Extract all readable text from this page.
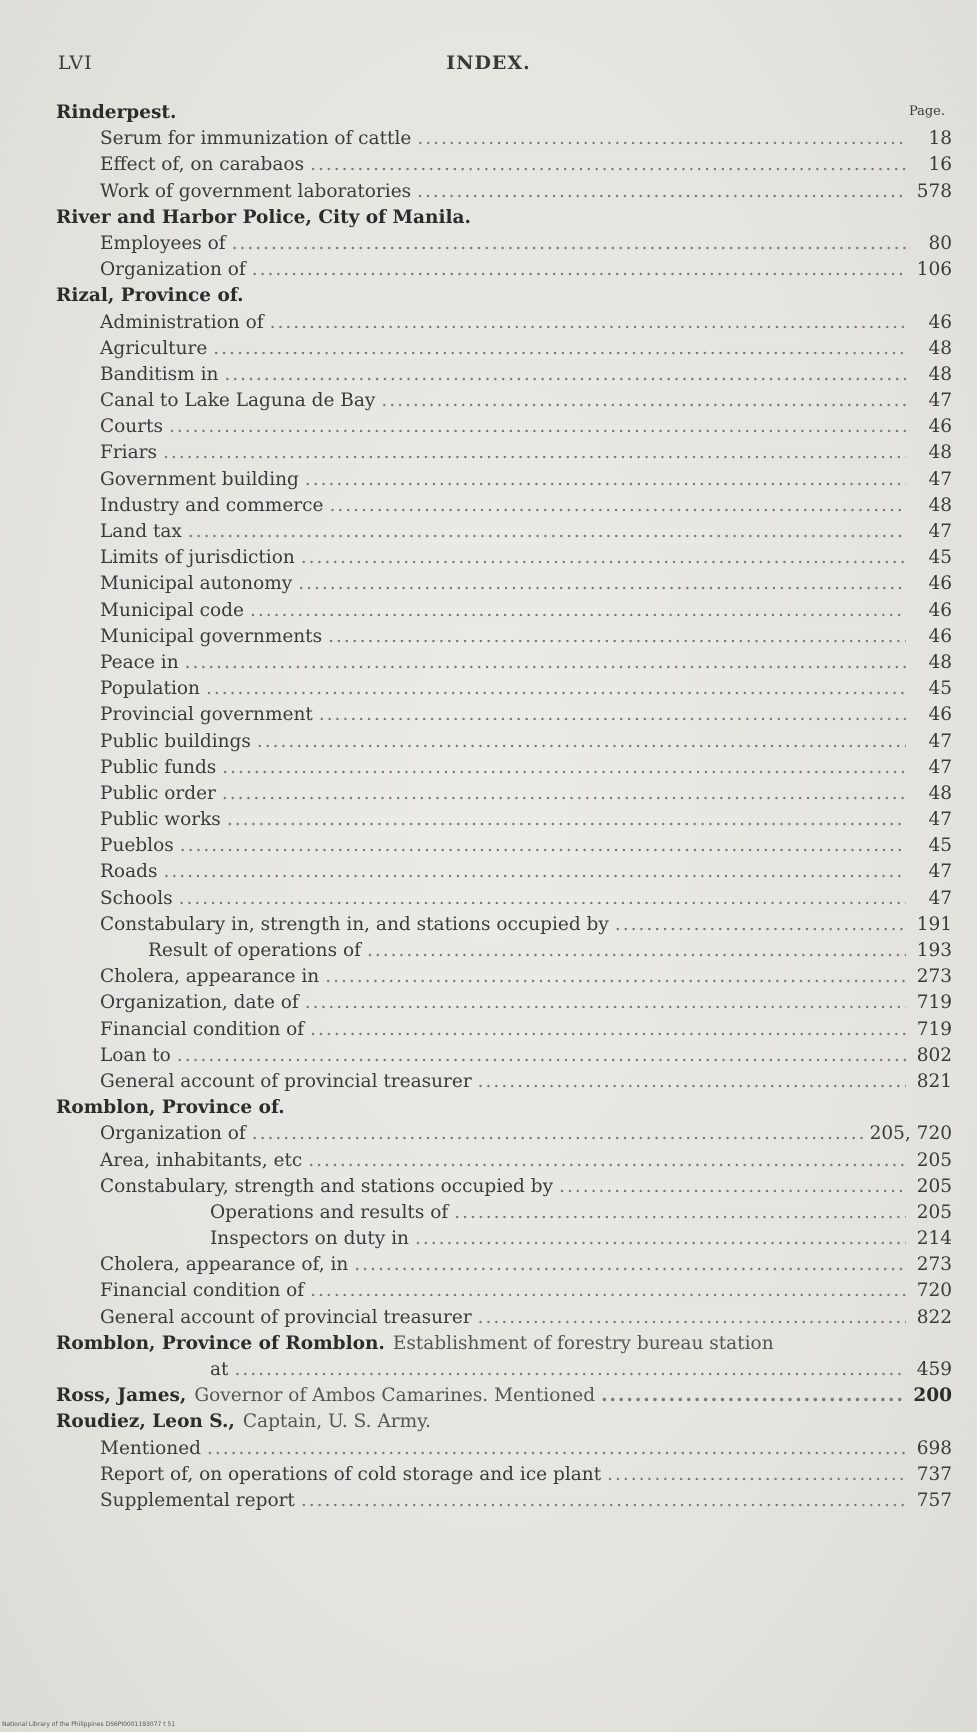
LVI	INDEX.
Page.
Rinderpest.
Serum for immunization of cattle .....	18
Effect of, on carabaos .....	16
Work of government laboratories .....	578
River and Harbor Police, City of Manila.
Employees of .....	80
Organization of .....	106
Rizal, Province of.
Administration of .....	46
Agriculture .....	48
Banditism in .....	48
Canal to Lake Laguna de Bay .....	47
Courts .....	46
Friars .....	48
Government building .....	47
Industry and commerce .....	48
Land tax .....	47
Limits of jurisdiction .....	45
Municipal autonomy .....	46
Municipal code .....	46
Municipal governments .....	46
Peace in .....	48
Population .....	45
Provincial government .....	46
Public buildings .....	47
Public funds .....	47
Public order .....	48
Public works .....	47
Pueblos .....	45
Roads .....	47
Schools .....	47
Constabulary in, strength in, and stations occupied by .....	191
Result of operations of .....	193
Cholera, appearance in .....	273
Organization, date of .....	719
Financial condition of .....	719
Loan to .....	802
General account of provincial treasurer .....	821
Romblon, Province of.
Organization of .....	205, 720
Area, inhabitants, etc .....	205
Constabulary, strength and stations occupied by .....	205
Operations and results of .....	205
Inspectors on duty in .....	214
Cholera, appearance of, in .....	273
Financial condition of .....	720
General account of provincial treasurer .....	822
Romblon, Province of Romblon. Establishment of forestry bureau station
at .....	459
Ross, James, Governor of Ambos Camarines. Mentioned .....	200
Roudiez, Leon S., Captain, U. S. Army.
Mentioned .....	698
Report of, on operations of cold storage and ice plant .....	737
Supplemental report .....	757
National Library of the Philippines DS6PI0001193077 t 51
